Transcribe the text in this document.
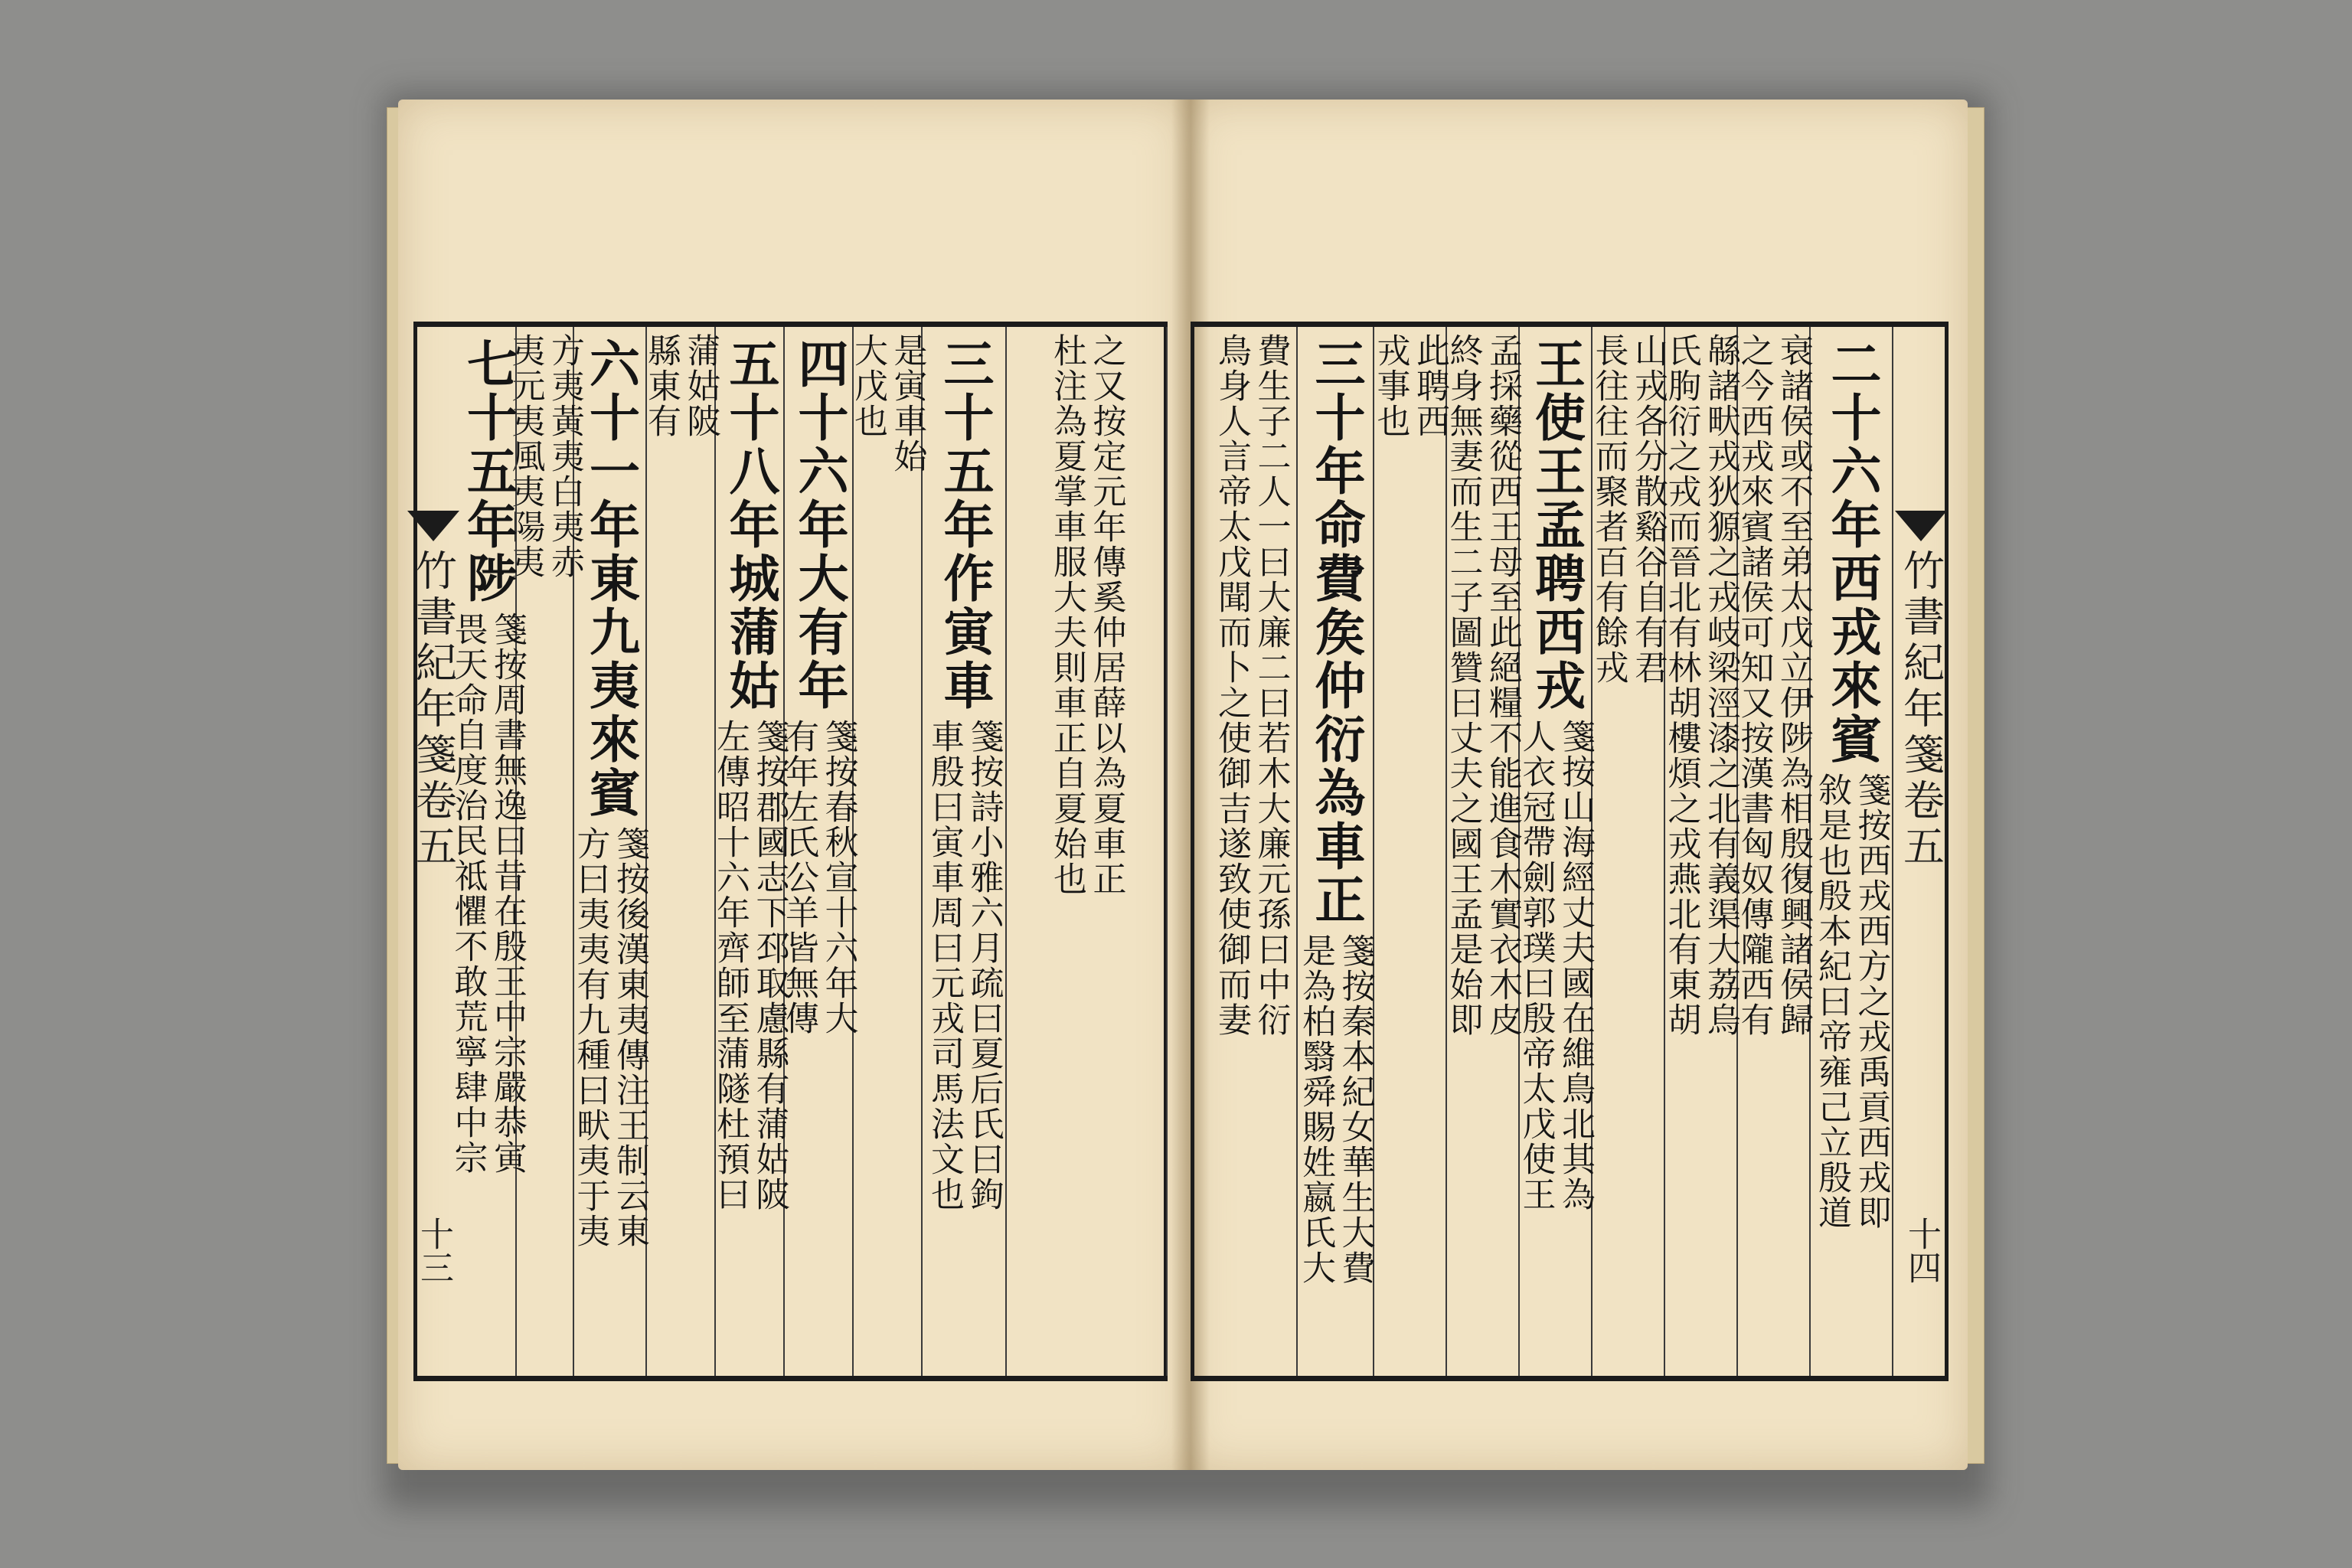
之又按定元年傳奚仲居薛以為夏車正
杜注為夏掌車服大夫則車正自夏始也
三十五年作寅車
箋按詩小雅六月疏曰夏后氏曰鉤
車殷曰寅車周曰元戎司馬法文也
是寅車始
大戊也
四十六年大有年
箋按春秋宣十六年大
有年左氏公羊皆無傳
五十八年城蒲姑
箋按郡國志下邳取慮縣有蒲姑陂
左傳昭十六年齊師至蒲隧杜預曰
蒲姑陂
縣東有
六十一年東九夷來賓
箋按後漢東夷傳注王制云東
方曰夷夷有九種曰畎夷于夷
方夷黃夷白夷赤
夷元夷風夷陽夷
七十五年陟
箋按周書無逸曰昔在殷王中宗嚴恭寅
畏天命自度治民祗懼不敢荒寧肆中宗
竹書紀年箋卷五
十三
竹書紀年箋卷五
十四
二十六年西戎來賓
箋按西戎西方之戎禹貢西戎即
敘是也殷本紀曰帝雍己立殷道
衰諸侯或不至弟太戊立伊陟為相殷復興諸侯歸
之今西戎來賓諸侯可知又按漢書匈奴傳隴西有
緜諸畎戎狄獂之戎岐梁涇漆之北有義渠大荔烏
氏朐衍之戎而晉北有林胡樓煩之戎燕北有東胡
山戎各分散谿谷自有君
長往往而聚者百有餘戎
王使王孟聘西戎
箋按山海經丈夫國在維鳥北其為
人衣冠帶劍郭璞曰殷帝太戊使王
孟採藥從西王母至此絕糧不能進食木實衣木皮
終身無妻而生二子圖贊曰丈夫之國王孟是始即
此聘西
戎事也
三十年命費矦仲衍為車正
箋按秦本紀女華生大費
是為柏翳舜賜姓嬴氏大
費生子二人一曰大廉二曰若木大廉元孫曰中衍
鳥身人言帝太戊聞而卜之使御吉遂致使御而妻
